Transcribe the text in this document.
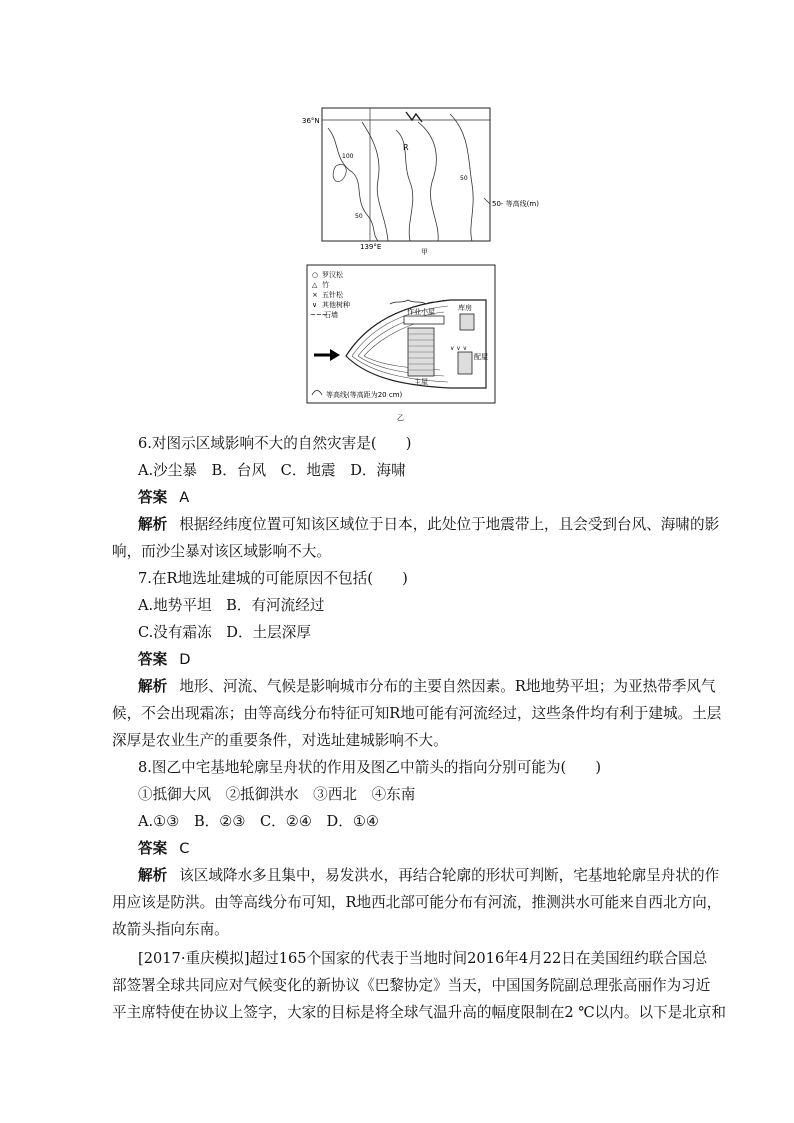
36°N
139°E
R
100
50
50
50- 等高线(m)
甲
○ 罗汉松
△ 竹
× 五针松
∨ 其他树种
~~~
石墙	作业小屋
主屋
库房
配屋
∨ ∨ ∨
等高线(等高距为20 cm)
乙
6.对图示区域影响不大的自然灾害是(　　)
A.沙尘暴　B．台风　C．地震　D．海啸
答案 A
解析 根据经纬度位置可知该区域位于日本，此处位于地震带上，且会受到台风、海啸的影
响，而沙尘暴对该区域影响不大。
7.在R地选址建城的可能原因不包括(　　)
A.地势平坦　B．有河流经过
C.没有霜冻　D．土层深厚
答案 D
解析 地形、河流、气候是影响城市分布的主要自然因素。R地地势平坦；为亚热带季风气
候，不会出现霜冻；由等高线分布特征可知R地可能有河流经过，这些条件均有利于建城。土层
深厚是农业生产的重要条件，对选址建城影响不大。
8.图乙中宅基地轮廓呈舟状的作用及图乙中箭头的指向分别可能为(　　)
①抵御大风　②抵御洪水　③西北　④东南
A.①③　B．②③　C．②④　D．①④
答案 C
解析 该区域降水多且集中，易发洪水，再结合轮廓的形状可判断，宅基地轮廓呈舟状的作
用应该是防洪。由等高线分布可知，R地西北部可能分布有河流，推测洪水可能来自西北方向，
故箭头指向东南。
[2017·重庆模拟]超过165个国家的代表于当地时间2016年4月22日在美国纽约联合国总
部签署全球共同应对气候变化的新协议《巴黎协定》当天，中国国务院副总理张高丽作为习近
平主席特使在协议上签字，大家的目标是将全球气温升高的幅度限制在2 ℃以内。以下是北京和
